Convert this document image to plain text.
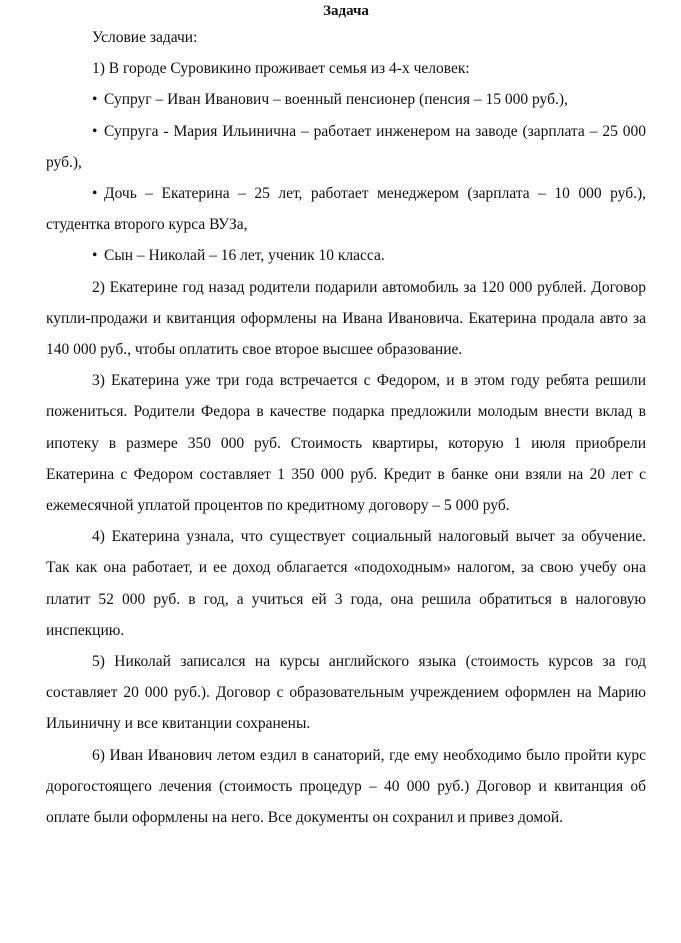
Задача

Условие задачи:

1) В городе Суровикино проживает семья из 4-х человек:

• Супруг – Иван Иванович – военный пенсионер (пенсия – 15 000 руб.),

• Супруга - Мария Ильинична – работает инженером на заводе (зарплата – 25 000 руб.),

• Дочь – Екатерина – 25 лет, работает менеджером (зарплата – 10 000 руб.), студентка второго курса ВУЗа,

• Сын – Николай – 16 лет, ученик 10 класса.

2) Екатерине год назад родители подарили автомобиль за 120 000 рублей. Договор купли-продажи и квитанция оформлены на Ивана Ивановича. Екатерина продала авто за 140 000 руб., чтобы оплатить свое второе высшее образование.

3) Екатерина уже три года встречается с Федором, и в этом году ребята решили пожениться. Родители Федора в качестве подарка предложили молодым внести вклад в ипотеку в размере 350 000 руб. Стоимость квартиры, которую 1 июля приобрели Екатерина с Федором составляет 1 350 000 руб. Кредит в банке они взяли на 20 лет с ежемесячной уплатой процентов по кредитному договору – 5 000 руб.

4) Екатерина узнала, что существует социальный налоговый вычет за обучение. Так как она работает, и ее доход облагается «подоходным» налогом, за свою учебу она платит 52 000 руб. в год, а учиться ей 3 года, она решила обратиться в налоговую инспекцию.

5) Николай записался на курсы английского языка (стоимость курсов за год составляет 20 000 руб.). Договор с образовательным учреждением оформлен на Марию Ильиничну и все квитанции сохранены.

6) Иван Иванович летом ездил в санаторий, где ему необходимо было пройти курс дорогостоящего лечения (стоимость процедур – 40 000 руб.) Договор и квитанция об оплате были оформлены на него. Все документы он сохранил и привез домой.
